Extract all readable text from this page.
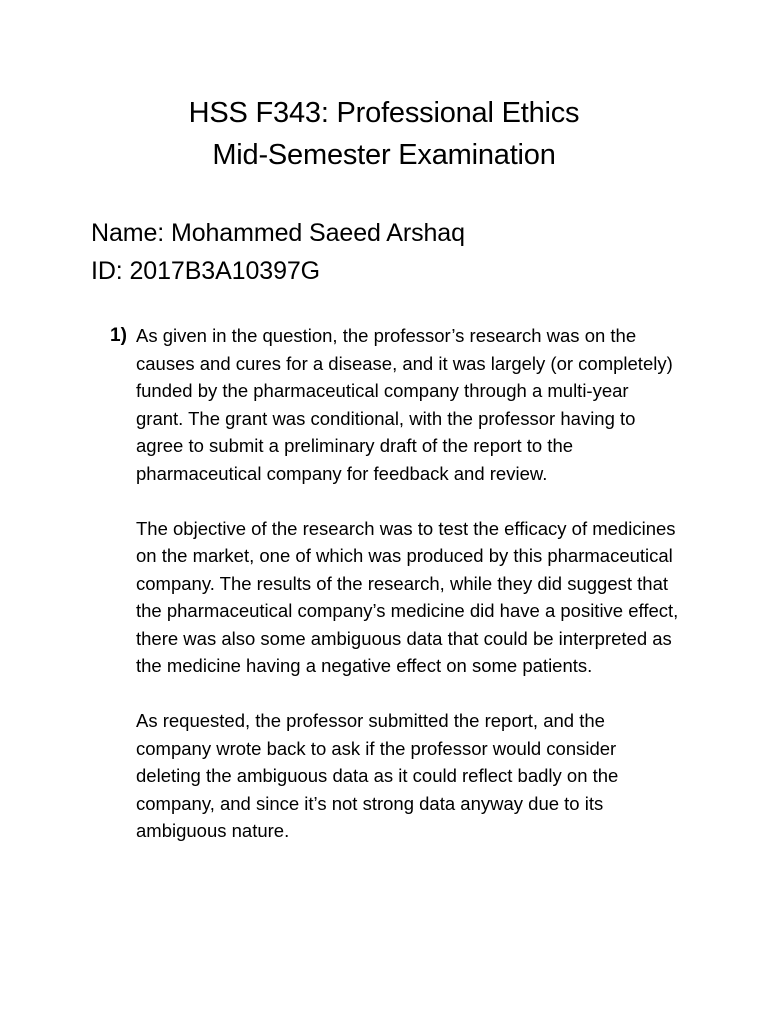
HSS F343: Professional Ethics

Mid-Semester Examination

Name: Mohammed Saeed Arshaq

ID: 2017B3A10397G

1) As given in the question, the professor’s research was on the causes and cures for a disease, and it was largely (or completely) funded by the pharmaceutical company through a multi-year grant. The grant was conditional, with the professor having to agree to submit a preliminary draft of the report to the pharmaceutical company for feedback and review.

The objective of the research was to test the efficacy of medicines on the market, one of which was produced by this pharmaceutical company. The results of the research, while they did suggest that the pharmaceutical company’s medicine did have a positive effect, there was also some ambiguous data that could be interpreted as the medicine having a negative effect on some patients.

As requested, the professor submitted the report, and the company wrote back to ask if the professor would consider deleting the ambiguous data as it could reflect badly on the company, and since it’s not strong data anyway due to its ambiguous nature.
